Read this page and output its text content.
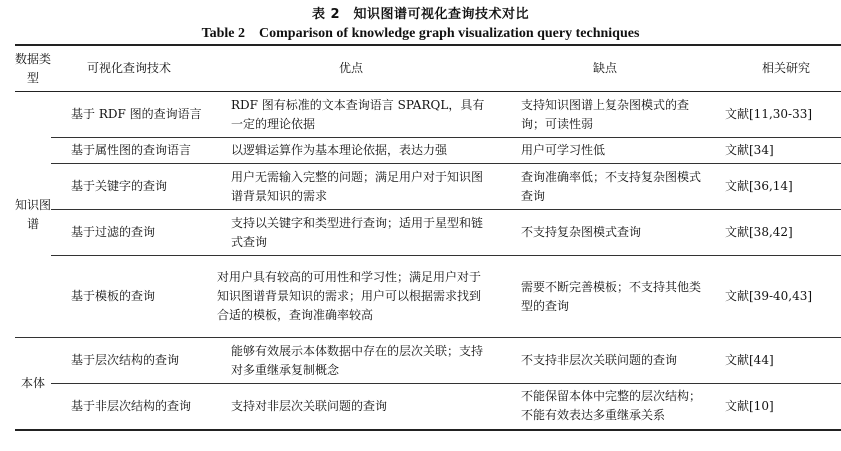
表 2　知识图谱可视化查询技术对比
Table 2　Comparison of knowledge graph visualization query techniques
数据类型	可视化查询技术	优点	缺点	相关研究
知识图谱	基于 RDF 图的查询语言	RDF 图有标准的文本查询语言 SPARQL，具有一定的理论依据	支持知识图谱上复杂图模式的查询；可读性弱	文献[11,30-33]
	基于属性图的查询语言	以逻辑运算作为基本理论依据，表达力强	用户可学习性低	文献[34]
	基于关键字的查询	用户无需输入完整的问题；满足用户对于知识图谱背景知识的需求	查询准确率低；不支持复杂图模式查询	文献[36,14]
	基于过滤的查询	支持以关键字和类型进行查询；适用于星型和链式查询	不支持复杂图模式查询	文献[38,42]
	基于模板的查询	对用户具有较高的可用性和学习性；满足用户对于知识图谱背景知识的需求；用户可以根据需求找到合适的模板，查询准确率较高	需要不断完善模板；不支持其他类型的查询	文献[39-40,43]
本体	基于层次结构的查询	能够有效展示本体数据中存在的层次关联；支持对多重继承复制概念	不支持非层次关联问题的查询	文献[44]
	基于非层次结构的查询	支持对非层次关联问题的查询	不能保留本体中完整的层次结构；不能有效表达多重继承关系	文献[10]
